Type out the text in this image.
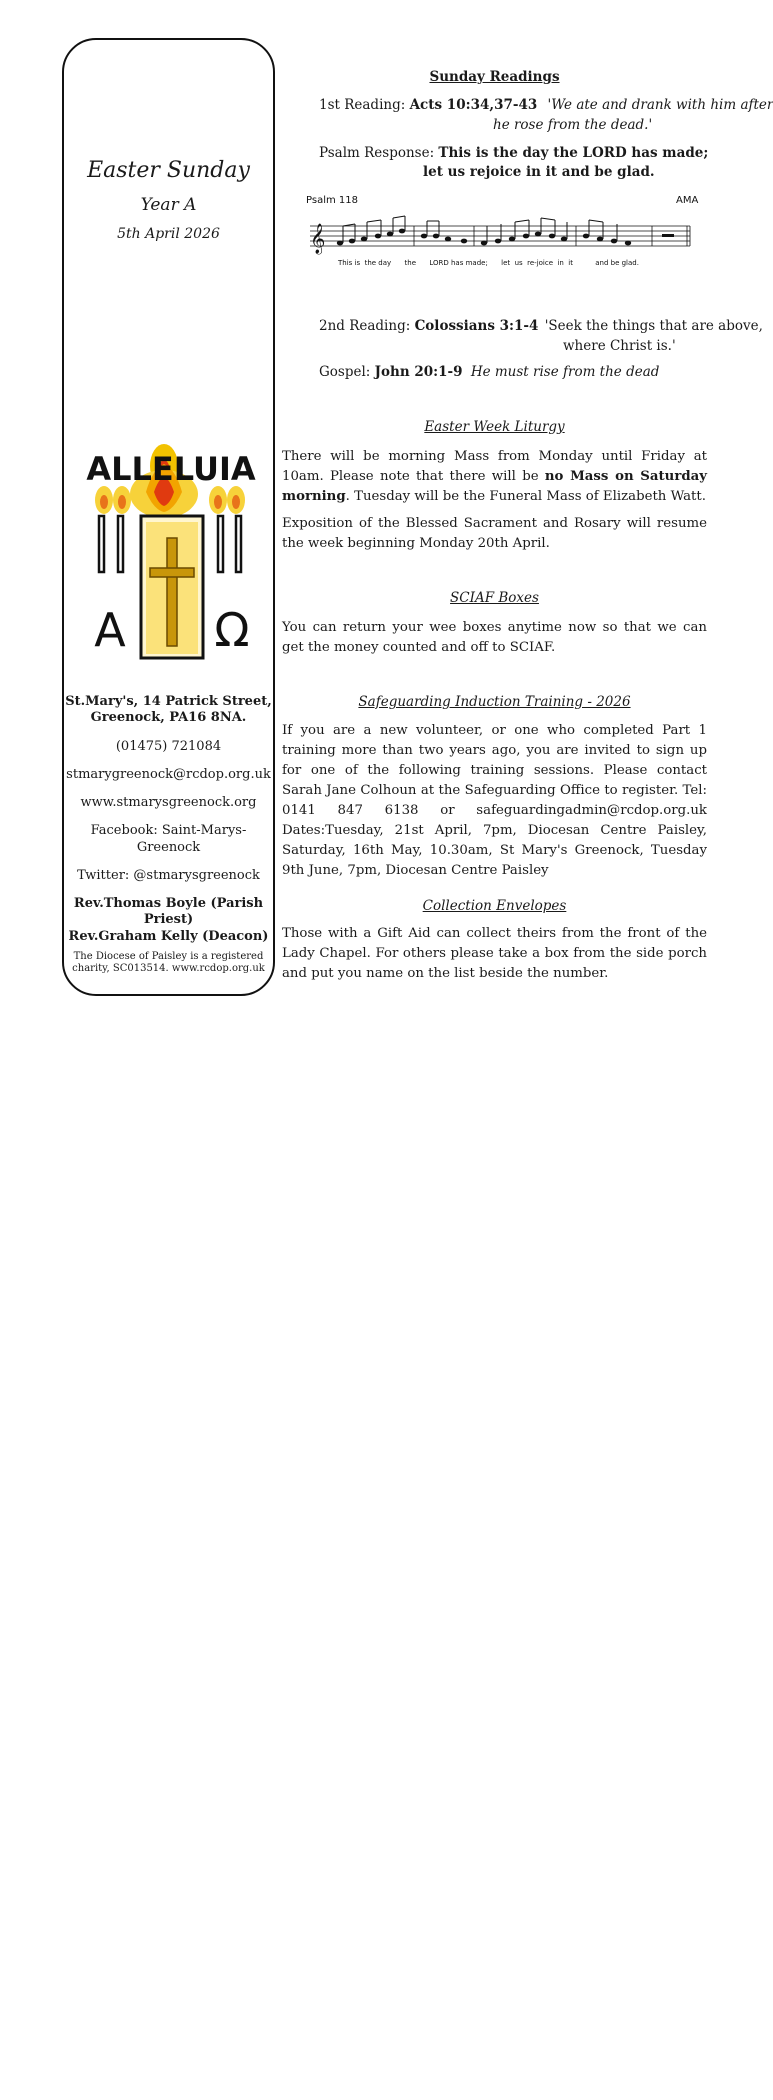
Easter Sunday
Year A
5th April 2026
ALLELUIA
A Ω

St.Mary's, 14 Patrick Street,

Greenock, PA16 8NA.

(01475) 721084

stmarygreenock@rcdop.org.uk

www.stmarysgreenock.org

Facebook: Saint-Marys-Greenock

Twitter: @stmarysgreenock

Rev.Thomas Boyle (Parish Priest)

Rev.Graham Kelly (Deacon)

The Diocese of Paisley is a registered charity, SC013514. www.rcdop.org.uk

Sunday Readings
1st Reading: Acts 10:34,37-43 'We ate and drank with him after
he rose from the dead.'
Psalm Response: This is the day the LORD has made;
let us rejoice in it and be glad.
Psalm 118	AMA
𝄞
This is  the day      the      LORD has made;      let  us  re-joice  in  it          and be glad.
2nd Reading: Colossians 3:1-4 'Seek the things that are above,
where Christ is.'
Gospel: John 20:1-9 He must rise from the dead
Easter Week Liturgy

There will be morning Mass from Monday until Friday at 10am. Please note that there will be no Mass on Saturday morning. Tuesday will be the Funeral Mass of Elizabeth Watt.

Exposition of the Blessed Sacrament and Rosary will resume the week beginning Monday 20th April.

SCIAF Boxes

You can return your wee boxes anytime now so that we can get the money counted and off to SCIAF.

Safeguarding Induction Training - 2026

If you are a new volunteer, or one who completed Part 1 training more than two years ago, you are invited to sign up for one of the following training sessions. Please contact Sarah Jane Colhoun at the Safeguarding Office to register. Tel: 0141 847 6138 or safeguardingadmin@rcdop.org.uk Dates:Tuesday, 21st April, 7pm, Diocesan Centre Paisley, Saturday, 16th May, 10.30am, St Mary's Greenock, Tuesday 9th June, 7pm, Diocesan Centre Paisley

Collection Envelopes

Those with a Gift Aid can collect theirs from the front of the Lady Chapel. For others please take a box from the side porch and put you name on the list beside the number.
